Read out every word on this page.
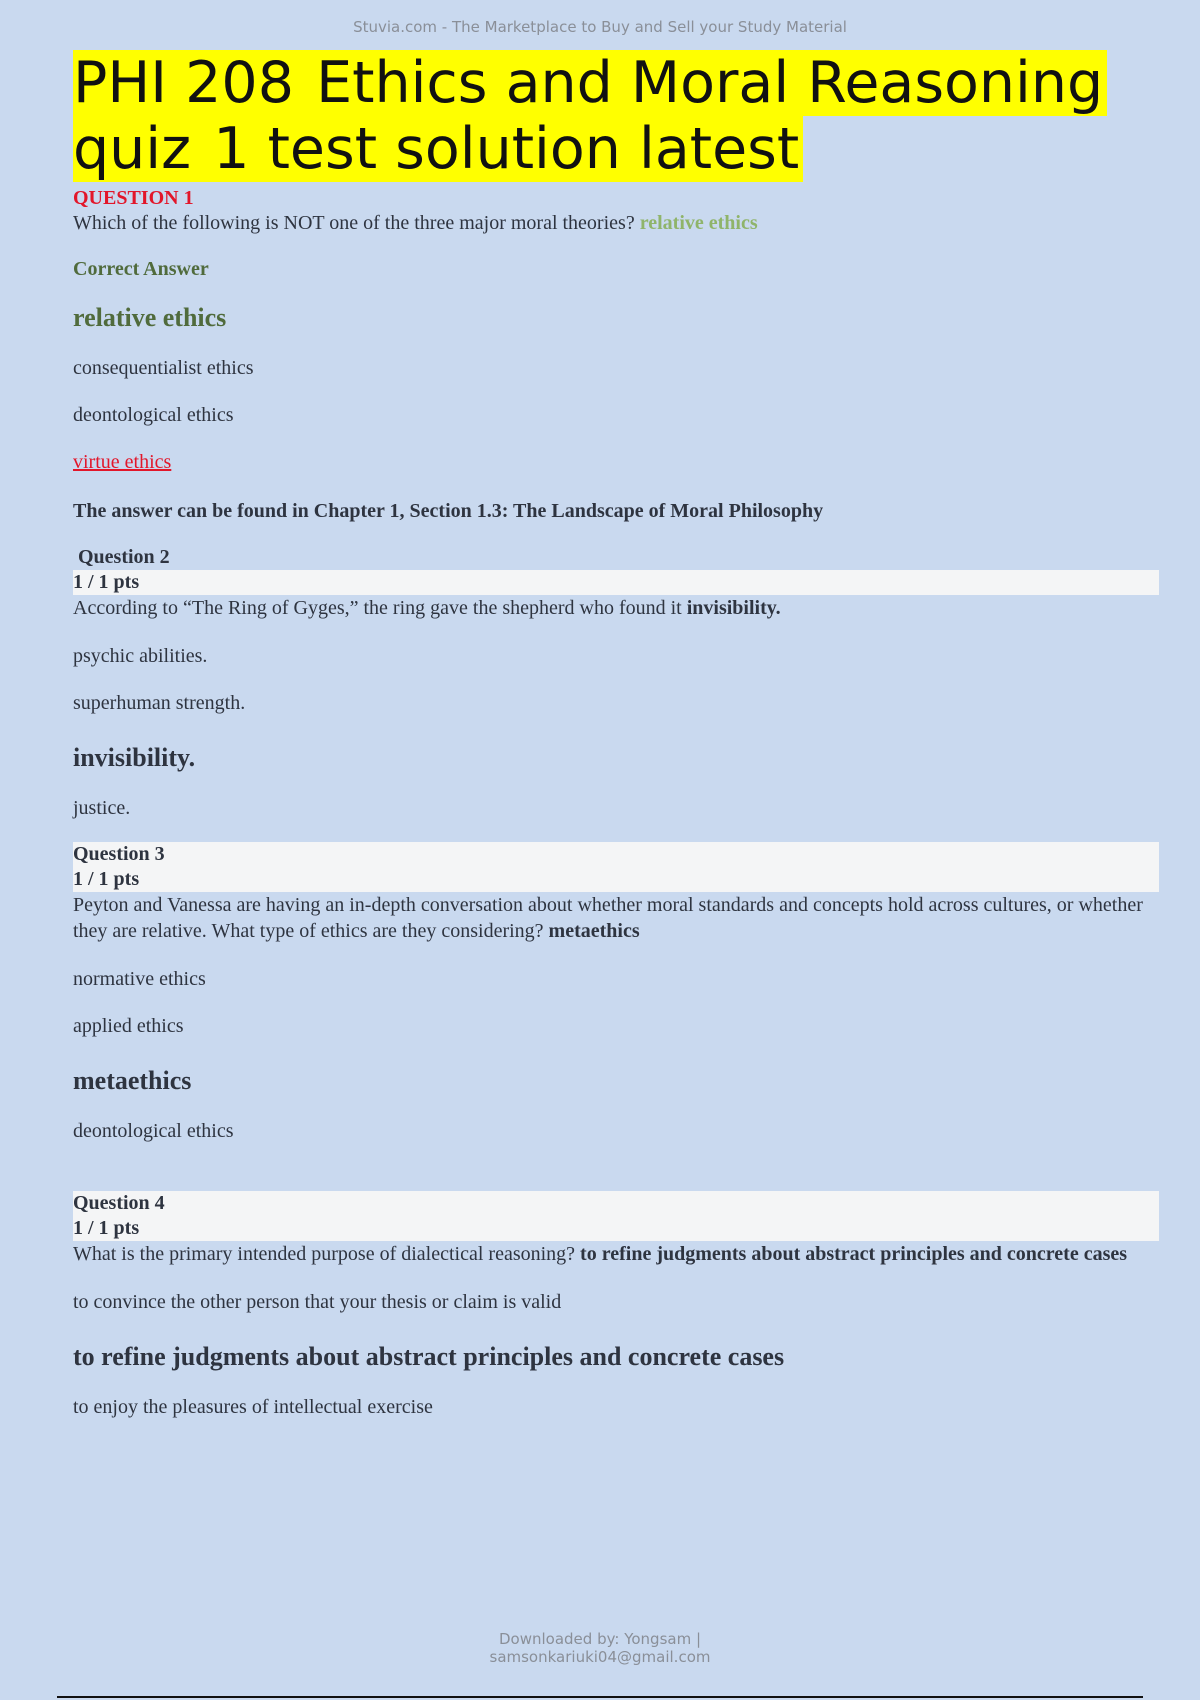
Stuvia.com - The Marketplace to Buy and Sell your Study Material
PHI 208 Ethics and Moral Reasoning
quiz 1 test solution latest

QUESTION 1

Which of the following is NOT one of the three major moral theories? relative ethics

Correct Answer

relative ethics

consequentialist ethics

deontological ethics

virtue ethics

The answer can be found in Chapter 1, Section 1.3: The Landscape of Moral Philosophy

Question 2
1 / 1 pts

According to “The Ring of Gyges,” the ring gave the shepherd who found it invisibility.

psychic abilities.

superhuman strength.

invisibility.

justice.

Question 3
1 / 1 pts

Peyton and Vanessa are having an in-depth conversation about whether moral standards and concepts hold across cultures, or whether they are relative. What type of ethics are they considering? metaethics

normative ethics

applied ethics

metaethics

deontological ethics

Question 4
1 / 1 pts

What is the primary intended purpose of dialectical reasoning? to refine judgments about abstract principles and concrete cases

to convince the other person that your thesis or claim is valid

to refine judgments about abstract principles and concrete cases

to enjoy the pleasures of intellectual exercise

Downloaded by: Yongsam |
samsonkariuki04@gmail.com
